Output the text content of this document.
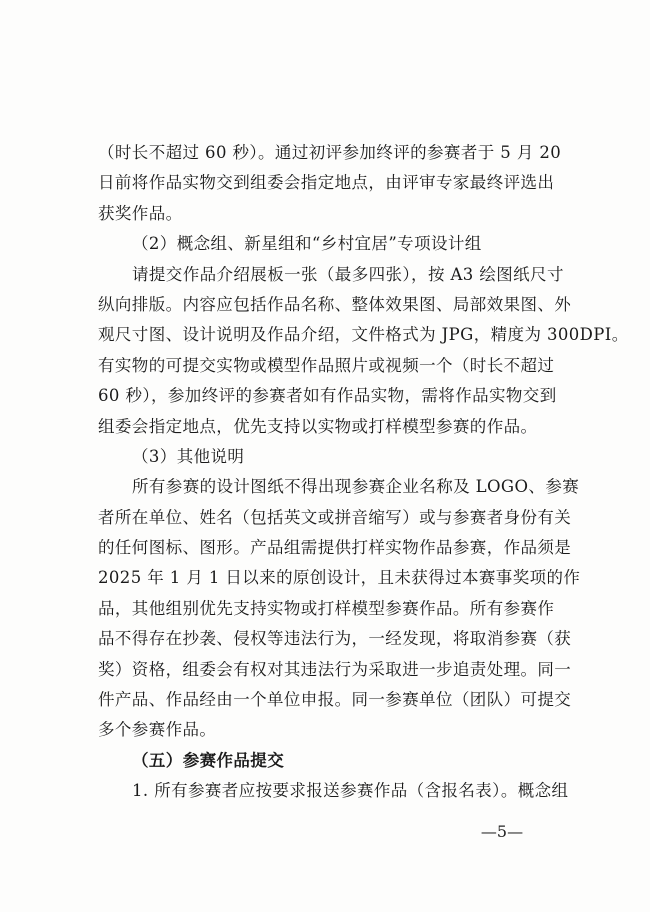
（时长不超过 60 秒）。通过初评参加终评的参赛者于 5 月 20
日前将作品实物交到组委会指定地点，由评审专家最终评选出
获奖作品。
（2）概念组、新星组和“乡村宜居”专项设计组
请提交作品介绍展板一张（最多四张），按 A3 绘图纸尺寸
纵向排版。内容应包括作品名称、整体效果图、局部效果图、外
观尺寸图、设计说明及作品介绍，文件格式为 JPG，精度为 300DPI。
有实物的可提交实物或模型作品照片或视频一个（时长不超过
60 秒），参加终评的参赛者如有作品实物，需将作品实物交到
组委会指定地点，优先支持以实物或打样模型参赛的作品。
（3）其他说明
所有参赛的设计图纸不得出现参赛企业名称及 LOGO、参赛
者所在单位、姓名（包括英文或拼音缩写）或与参赛者身份有关
的任何图标、图形。产品组需提供打样实物作品参赛，作品须是
2025 年 1 月 1 日以来的原创设计，且未获得过本赛事奖项的作
品，其他组别优先支持实物或打样模型参赛作品。所有参赛作
品不得存在抄袭、侵权等违法行为，一经发现，将取消参赛（获
奖）资格，组委会有权对其违法行为采取进一步追责处理。同一
件产品、作品经由一个单位申报。同一参赛单位（团队）可提交
多个参赛作品。
（五）参赛作品提交
1. 所有参赛者应按要求报送参赛作品（含报名表）。概念组
—5—
